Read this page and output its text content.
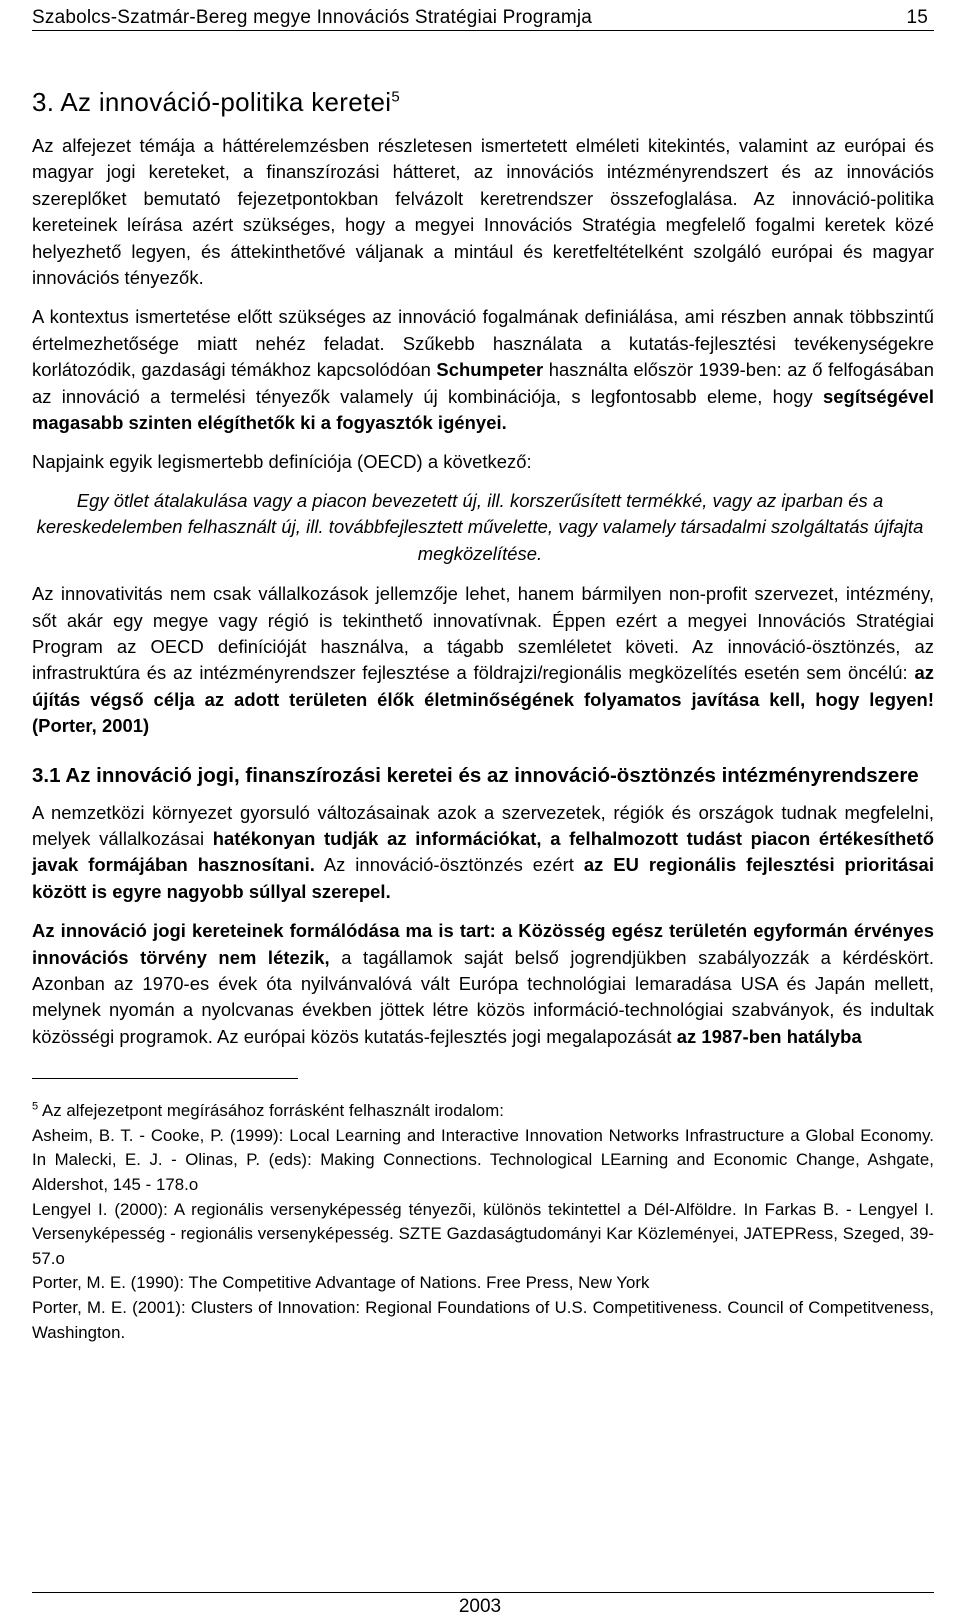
Szabolcs-Szatmár-Bereg megye Innovációs Stratégiai Programja	15
3. Az innováció-politika keretei$^5$

Az alfejezet témája a háttérelemzésben részletesen ismertetett elméleti kitekintés, valamint az európai és magyar jogi kereteket, a finanszírozási hátteret, az innovációs intézményrendszert és az innovációs szereplőket bemutató fejezetpontokban felvázolt keretrendszer összefoglalása. Az innováció-politika kereteinek leírása azért szükséges, hogy a megyei Innovációs Stratégia megfelelő fogalmi keretek közé helyezhető legyen, és áttekinthetővé váljanak a mintául és keretfeltételként szolgáló európai és magyar innovációs tényezők.

A kontextus ismertetése előtt szükséges az innováció fogalmának definiálása, ami részben annak többszintű értelmezhetősége miatt nehéz feladat. Szűkebb használata a kutatás-fejlesztési tevékenységekre korlátozódik, gazdasági témákhoz kapcsolódóan Schumpeter használta először 1939-ben: az ő felfogásában az innováció a termelési tényezők valamely új kombinációja, s legfontosabb eleme, hogy segítségével magasabb szinten elégíthetők ki a fogyasztók igényei.

Napjaink egyik legismertebb definíciója (OECD) a következő:

Egy ötlet átalakulása vagy a piacon bevezetett új, ill. korszerűsített termékké, vagy az iparban és a kereskedelemben felhasznált új, ill. továbbfejlesztett művelette, vagy valamely társadalmi szolgáltatás újfajta megközelítése.

Az innovativitás nem csak vállalkozások jellemzője lehet, hanem bármilyen non-profit szervezet, intézmény, sőt akár egy megye vagy régió is tekinthető innovatívnak. Éppen ezért a megyei Innovációs Stratégiai Program az OECD definícióját használva, a tágabb szemléletet követi. Az innováció-ösztönzés, az infrastruktúra és az intézményrendszer fejlesztése a földrajzi/regionális megközelítés esetén sem öncélú: az újítás végső célja az adott területen élők életminőségének folyamatos javítása kell, hogy legyen! (Porter, 2001)

3.1 Az innováció jogi, finanszírozási keretei és az innováció-ösztönzés intézményrendszere

A nemzetközi környezet gyorsuló változásainak azok a szervezetek, régiók és országok tudnak megfelelni, melyek vállalkozásai hatékonyan tudják az információkat, a felhalmozott tudást piacon értékesíthető javak formájában hasznosítani. Az innováció-ösztönzés ezért az EU regionális fejlesztési prioritásai között is egyre nagyobb súllyal szerepel.

Az innováció jogi kereteinek formálódása ma is tart: a Közösség egész területén egyformán érvényes innovációs törvény nem létezik, a tagállamok saját belső jogrendjükben szabályozzák a kérdéskört. Azonban az 1970-es évek óta nyilvánvalóvá vált Európa technológiai lemaradása USA és Japán mellett, melynek nyomán a nyolcvanas években jöttek létre közös információ-technológiai szabványok, és indultak közösségi programok. Az európai közös kutatás-fejlesztés jogi megalapozását az 1987-ben hatályba

$^5$ Az alfejezetpont megírásához forrásként felhasznált irodalom:
Asheim, B. T. - Cooke, P. (1999): Local Learning and Interactive Innovation Networks Infrastructure a Global Economy. In Malecki, E. J. - Olinas, P. (eds): Making Connections. Technological LEarning and Economic Change, Ashgate, Aldershot, 145 - 178.o
Lengyel I. (2000): A regionális versenyképesség tényezõi, különös tekintettel a Dél-Alföldre. In Farkas B. - Lengyel I. Versenyképesség - regionális versenyképesség. SZTE Gazdaságtudományi Kar Közleményei, JATEPRess, Szeged, 39-57.o
Porter, M. E. (1990): The Competitive Advantage of Nations. Free Press, New York
Porter, M. E. (2001): Clusters of Innovation: Regional Foundations of U.S. Competitiveness. Council of Competitveness, Washington.
2003
